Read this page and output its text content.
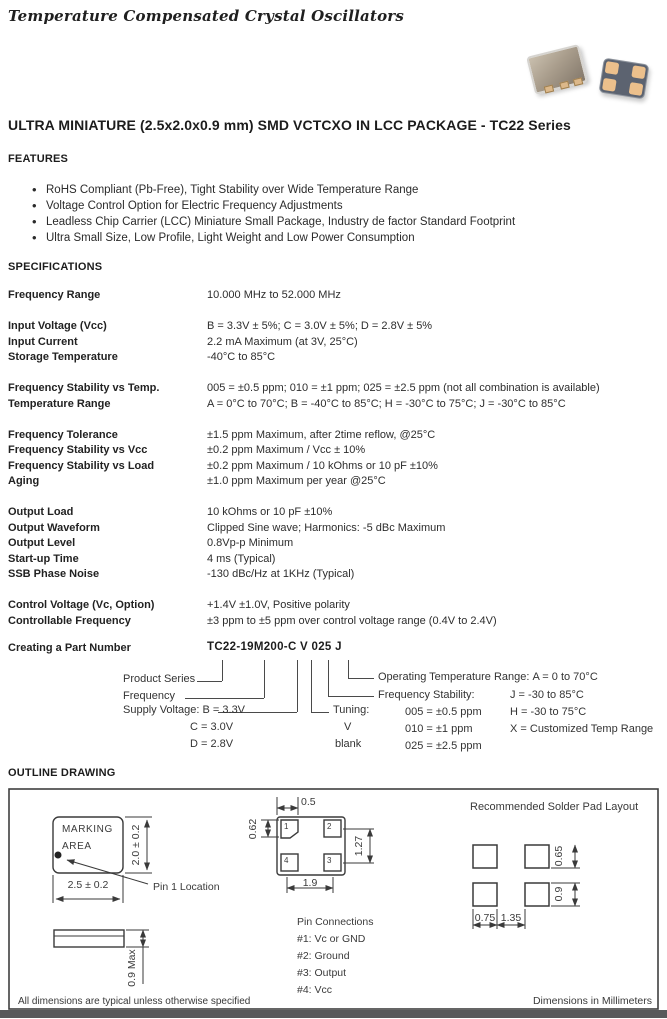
Temperature Compensated Crystal Oscillators
ULTRA MINIATURE (2.5x2.0x0.9 mm) SMD VCTCXO IN LCC PACKAGE - TC22 Series
FEATURES
• RoHS Compliant (Pb-Free), Tight Stability over Wide Temperature Range
• Voltage Control Option for Electric Frequency Adjustments
• Leadless Chip Carrier (LCC) Miniature Small Package, Industry de factor Standard Footprint
• Ultra Small Size, Low Profile, Light Weight and Low Power Consumption
SPECIFICATIONS
Frequency Range	10.000 MHz to 52.000 MHz
Input Voltage (Vcc)	B = 3.3V ± 5%; C = 3.0V ± 5%; D = 2.8V ± 5%
Input Current	2.2 mA Maximum (at 3V, 25°C)
Storage Temperature	-40°C to 85°C
Frequency Stability vs Temp.	005 = ±0.5 ppm; 010 = ±1 ppm; 025 = ±2.5 ppm (not all combination is available)
Temperature Range	A = 0°C to 70°C; B = -40°C to 85°C; H = -30°C to 75°C; J = -30°C to 85°C
Frequency Tolerance	±1.5 ppm Maximum, after 2time reflow, @25°C
Frequency Stability vs Vcc	±0.2 ppm Maximum / Vcc ± 10%
Frequency Stability vs Load	±0.2 ppm Maximum / 10 kOhms or 10 pF ±10%
Aging	±1.0 ppm Maximum per year @25°C
Output Load	10 kOhms or 10 pF ±10%
Output Waveform	Clipped Sine wave; Harmonics: -5 dBc Maximum
Output Level	0.8Vp-p Minimum
Start-up Time	4 ms (Typical)
SSB Phase Noise	-130 dBc/Hz at 1KHz (Typical)
Control Voltage (Vc, Option)	+1.4V ±1.0V, Positive polarity
Controllable Frequency	±3 ppm to ±5 ppm over control voltage range (0.4V to 2.4V)
Creating a Part Number	TC22-19M200-C V 025 J
Product Series
Frequency
Supply Voltage: B = 3.3V
C = 3.0V
D = 2.8V
Tuning:
V
blank
Frequency Stability:
005 = ±0.5 ppm
010 = ±1 ppm
025 = ±2.5 ppm
Operating Temperature Range: A = 0 to 70°C
J = -30 to 85°C
H = -30 to 75°C
X = Customized Temp Range
OUTLINE DRAWING
MARKING
AREA
2.5 ± 0.2
2.0 ± 0.2
Pin 1 Location
0.9 Max
1	2
3
4
0.5
0.62
1.27
1.9
Pin Connections
#1: Vc or GND
#2: Ground
#3: Output
#4: Vcc
Recommended Solder Pad Layout
0.65
0.9
0.75 1.35
All dimensions are typical unless otherwise specified	Dimensions in Millimeters
